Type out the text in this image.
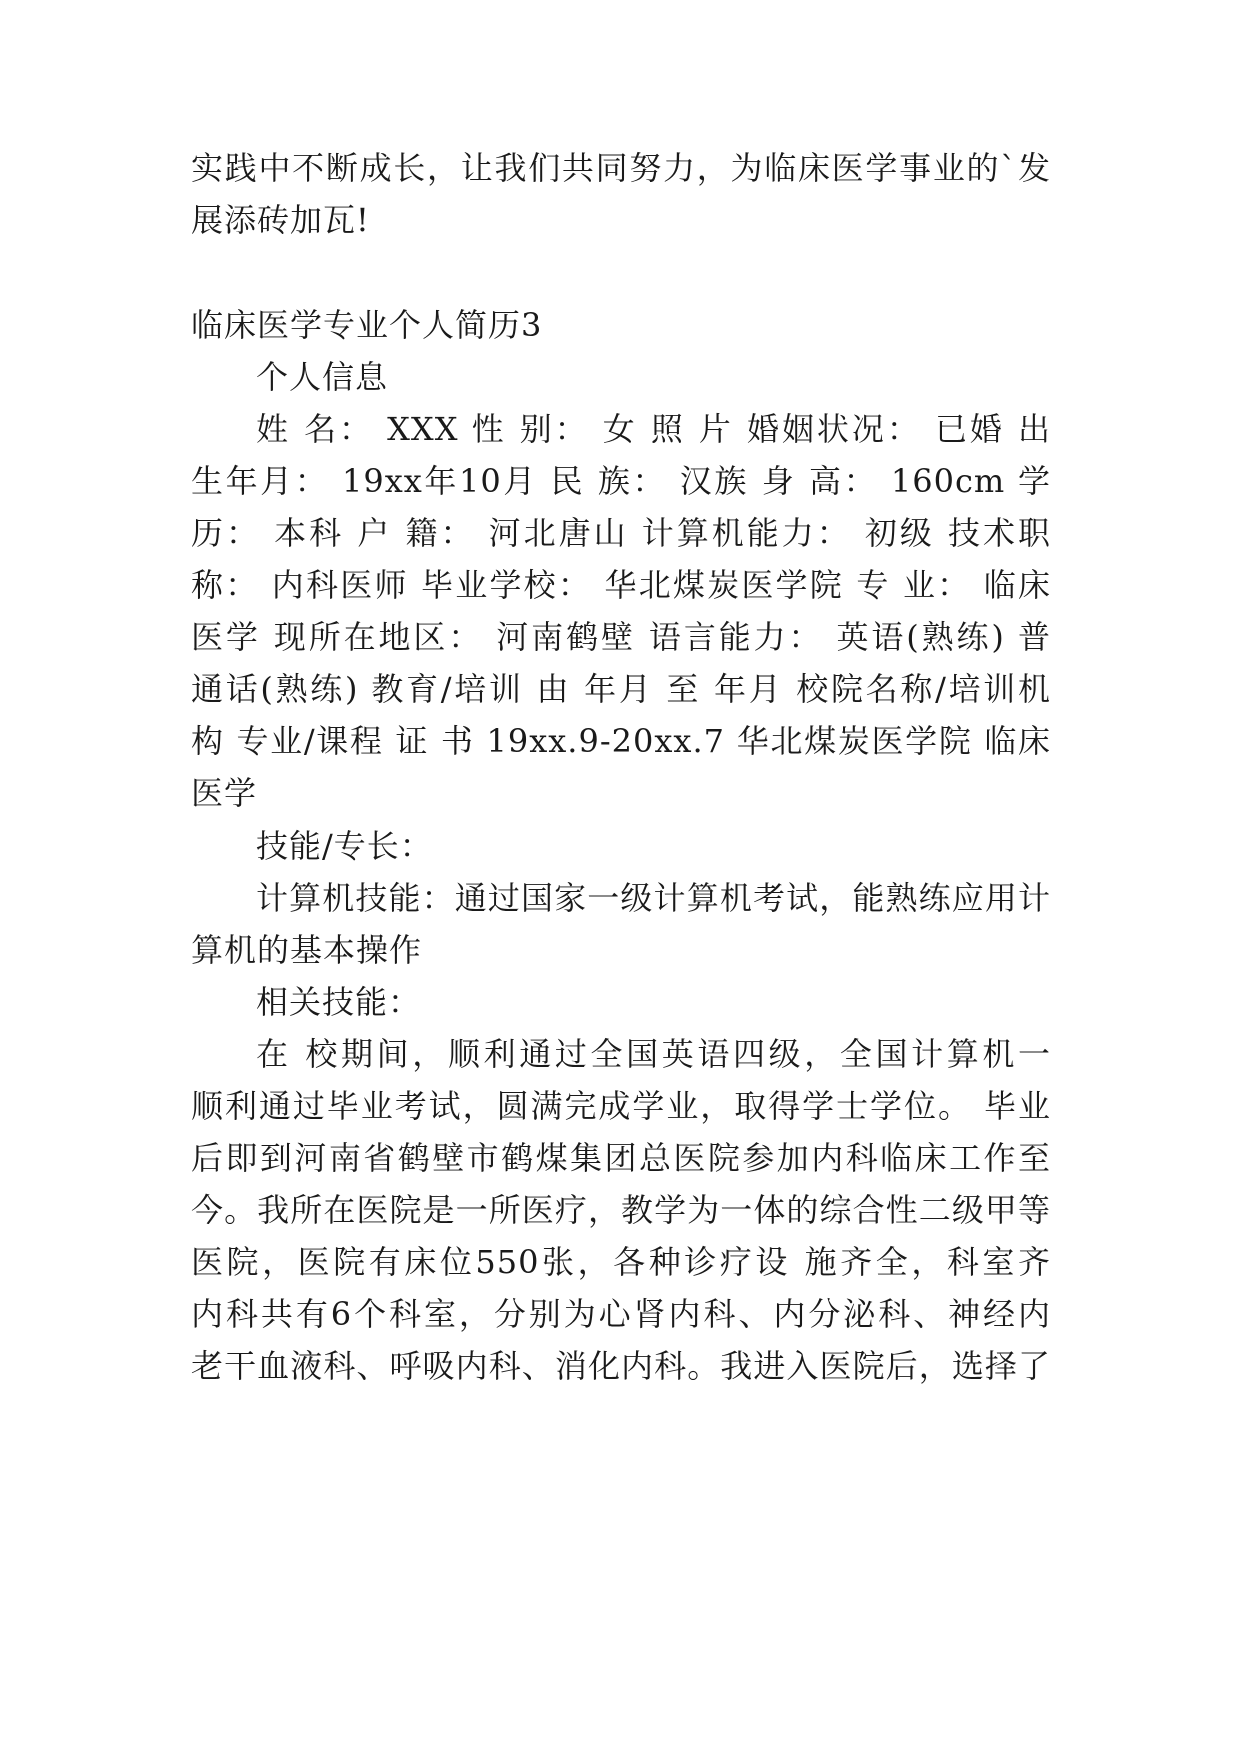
实践中不断成长，让我们共同努力，为临床医学事业的`发
展添砖加瓦!
临床医学专业个人简历3
个人信息
姓 名： XXX 性 别： 女 照 片 婚姻状况： 已婚 出
生年月： 19xx年10月 民 族： 汉族 身 高： 160cm 学
历： 本科 户 籍： 河北唐山 计算机能力： 初级 技术职
称： 内科医师 毕业学校： 华北煤炭医学院 专 业： 临床
医学 现所在地区： 河南鹤壁 语言能力： 英语(熟练) 普
通话(熟练) 教育/培训 由 年月 至 年月 校院名称/培训机
构 专业/课程 证 书 19xx.9-20xx.7 华北煤炭医学院 临床
医学
技能/专长：
计算机技能：通过国家一级计算机考试，能熟练应用计
算机的基本操作
相关技能：
在 校期间，顺利通过全国英语四级，全国计算机一
顺利通过毕业考试，圆满完成学业，取得学士学位。 毕业
后即到河南省鹤壁市鹤煤集团总医院参加内科临床工作至
今。我所在医院是一所医疗，教学为一体的综合性二级甲等
医院，医院有床位550张，各种诊疗设 施齐全，科室齐
内科共有6个科室，分别为心肾内科、内分泌科、神经内
老干血液科、呼吸内科、消化内科。我进入医院后，选择了
